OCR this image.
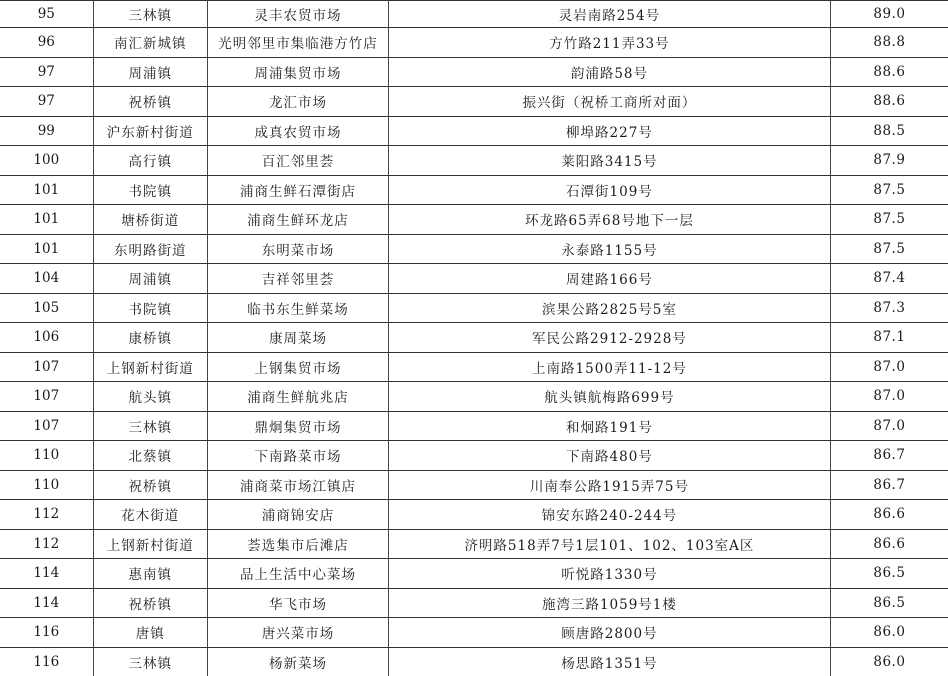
95	三林镇	灵丰农贸市场	灵岩南路254号	89.0
96	南汇新城镇	光明邻里市集临港方竹店	方竹路211弄33号	88.8
97	周浦镇	周浦集贸市场	韵浦路58号	88.6
97	祝桥镇	龙汇市场	振兴街（祝桥工商所对面）	88.6
99	沪东新村街道	成真农贸市场	柳埠路227号	88.5
100	高行镇	百汇邻里荟	莱阳路3415号	87.9
101	书院镇	浦商生鲜石潭街店	石潭街109号	87.5
101	塘桥街道	浦商生鲜环龙店	环龙路65弄68号地下一层	87.5
101	东明路街道	东明菜市场	永泰路1155号	87.5
104	周浦镇	吉祥邻里荟	周建路166号	87.4
105	书院镇	临书东生鲜菜场	滨果公路2825号5室	87.3
106	康桥镇	康周菜场	军民公路2912-2928号	87.1
107	上钢新村街道	上钢集贸市场	上南路1500弄11-12号	87.0
107	航头镇	浦商生鲜航兆店	航头镇航梅路699号	87.0
107	三林镇	鼎炯集贸市场	和炯路191号	87.0
110	北蔡镇	下南路菜市场	下南路480号	86.7
110	祝桥镇	浦商菜市场江镇店	川南奉公路1915弄75号	86.7
112	花木街道	浦商锦安店	锦安东路240-244号	86.6
112	上钢新村街道	荟选集市后滩店	济明路518弄7号1层101、102、103室A区	86.6
114	惠南镇	品上生活中心菜场	听悦路1330号	86.5
114	祝桥镇	华飞市场	施湾三路1059号1楼	86.5
116	唐镇	唐兴菜市场	顾唐路2800号	86.0
116	三林镇	杨新菜场	杨思路1351号	86.0
